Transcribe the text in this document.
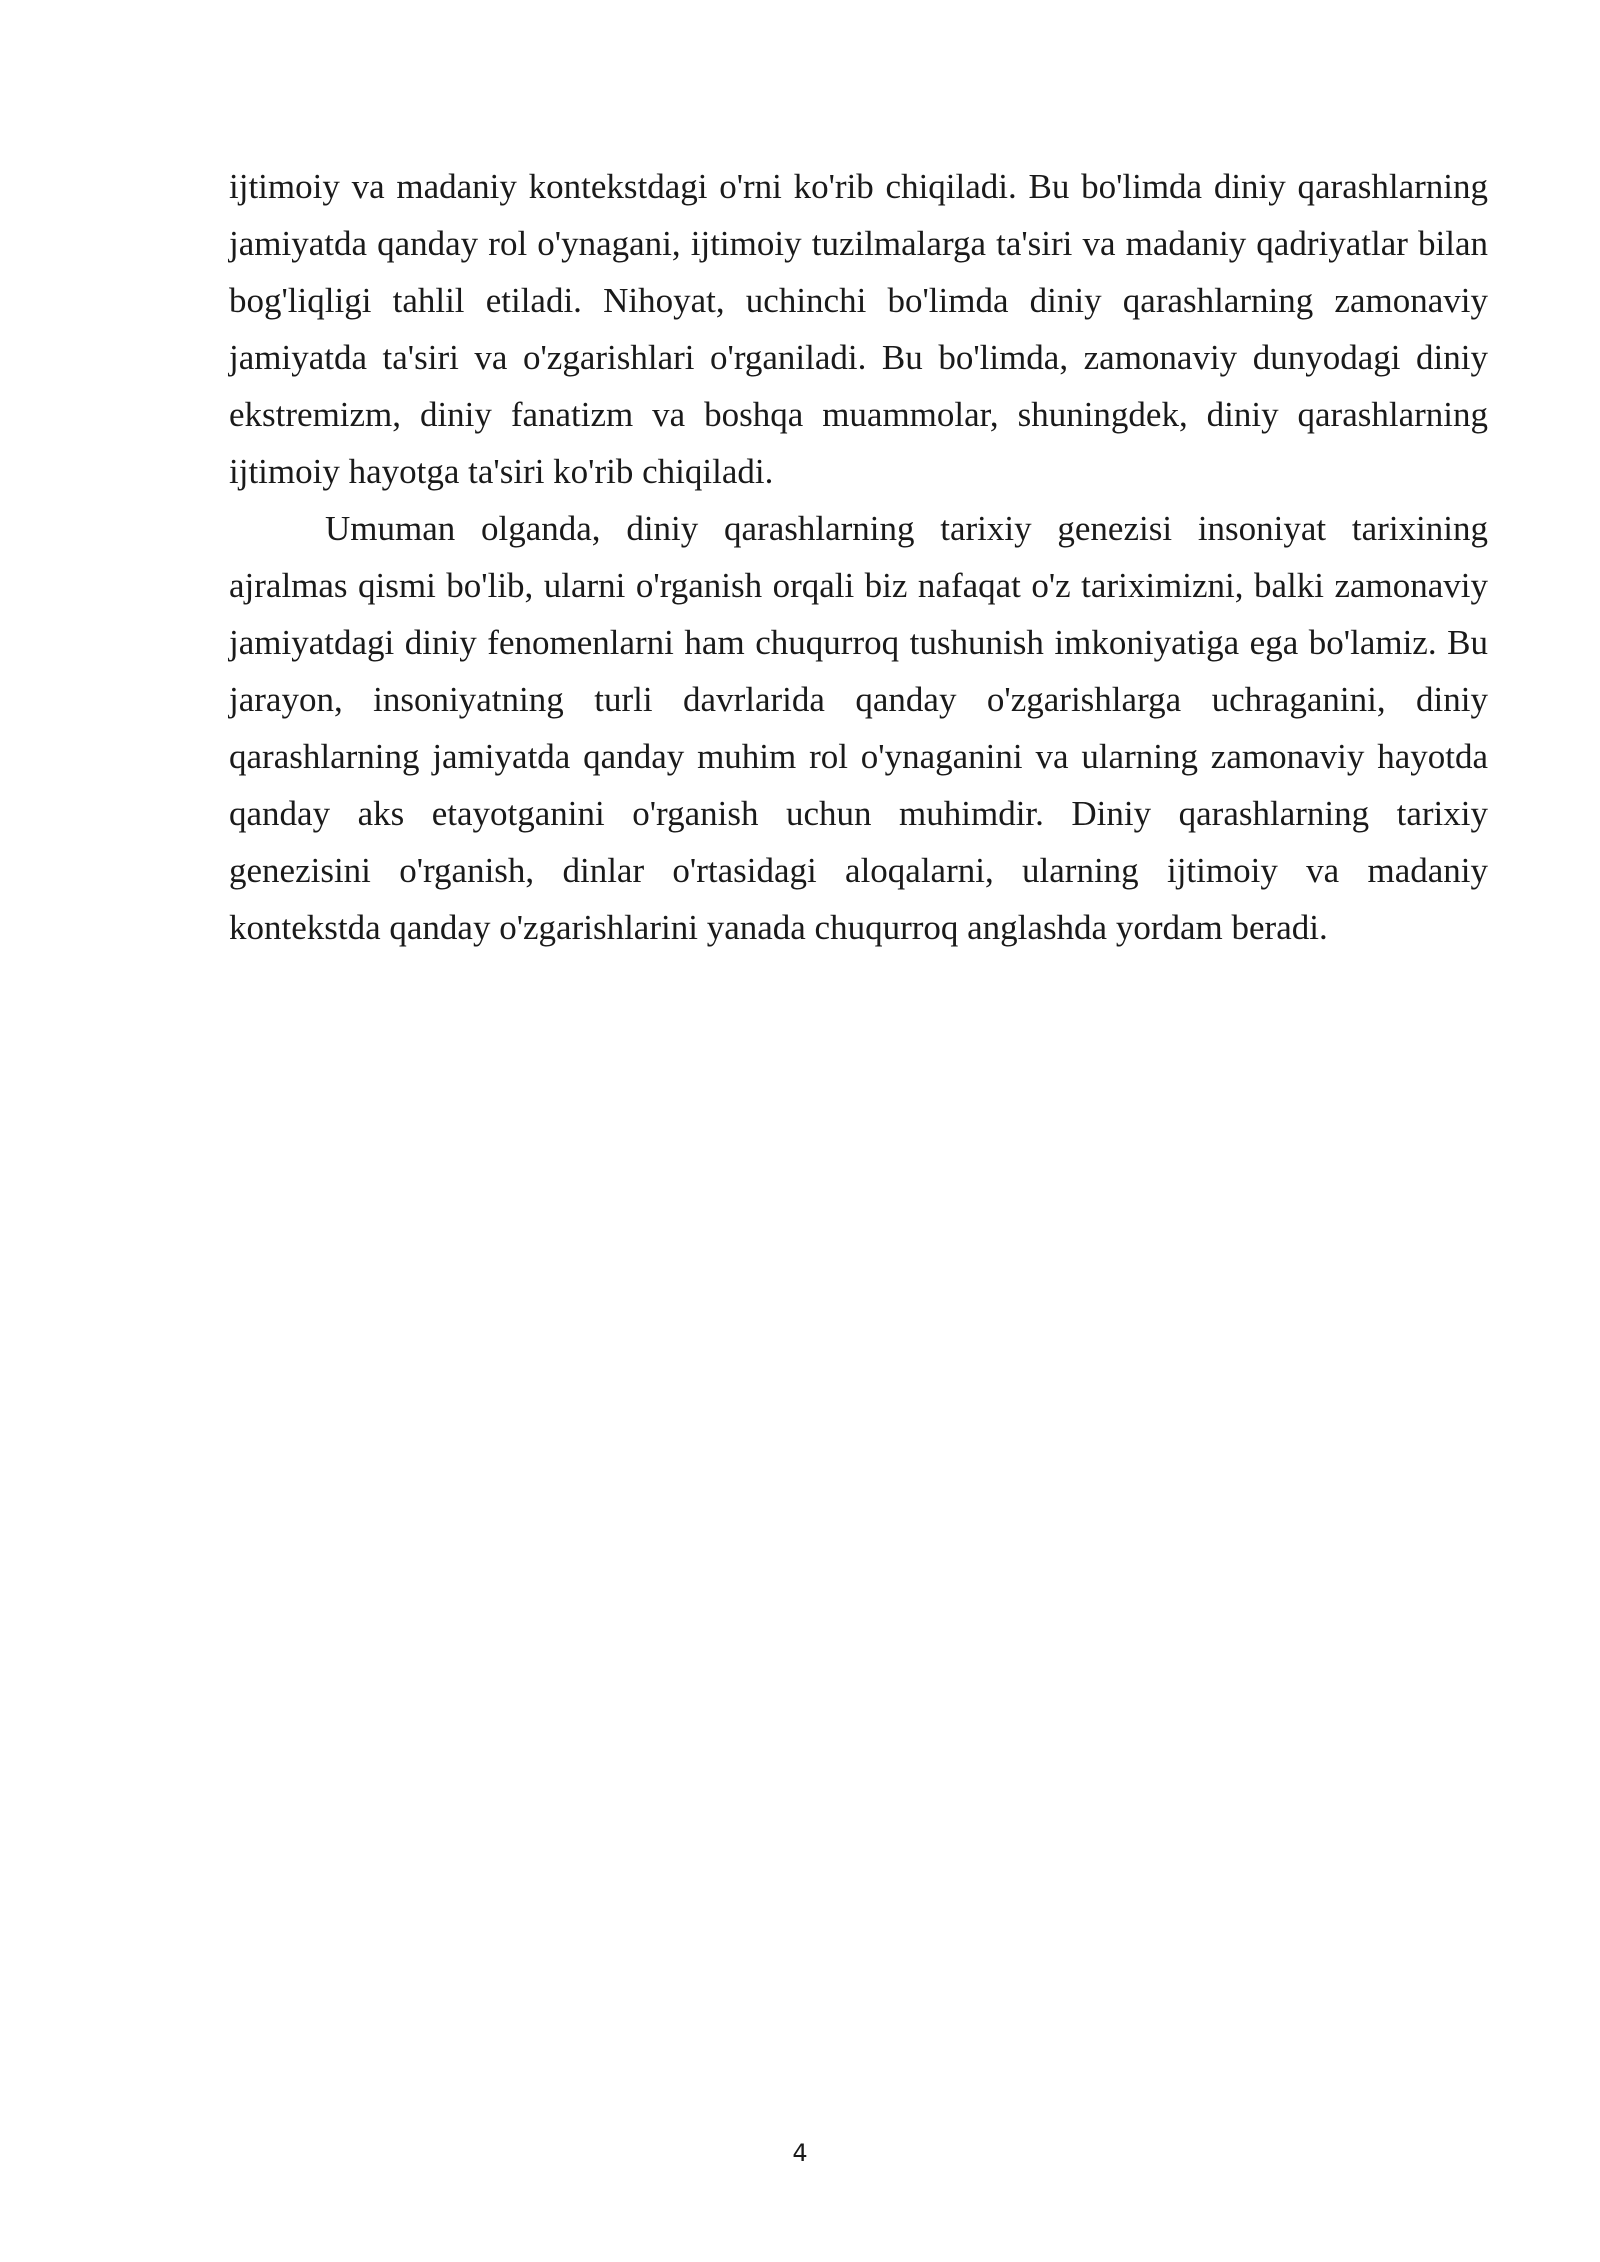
ijtimoiy va madaniy kontekstdagi o'rni ko'rib chiqiladi. Bu bo'limda diniy qarashlarning jamiyatda qanday rol o'ynagani, ijtimoiy tuzilmalarga ta'siri va madaniy qadriyatlar bilan bog'liqligi tahlil etiladi. Nihoyat, uchinchi bo'limda diniy qarashlarning zamonaviy jamiyatda ta'siri va o'zgarishlari o'rganiladi. Bu bo'limda, zamonaviy dunyodagi diniy ekstremizm, diniy fanatizm va boshqa muammolar, shuningdek, diniy qarashlarning ijtimoiy hayotga ta'siri ko'rib chiqiladi.

Umuman olganda, diniy qarashlarning tarixiy genezisi insoniyat tarixining ajralmas qismi bo'lib, ularni o'rganish orqali biz nafaqat o'z tariximizni, balki zamonaviy jamiyatdagi diniy fenomenlarni ham chuqurroq tushunish imkoniyatiga ega bo'lamiz. Bu jarayon, insoniyatning turli davrlarida qanday o'zgarishlarga uchraganini, diniy qarashlarning jamiyatda qanday muhim rol o'ynaganini va ularning zamonaviy hayotda qanday aks etayotganini o'rganish uchun muhimdir. Diniy qarashlarning tarixiy genezisini o'rganish, dinlar o'rtasidagi aloqalarni, ularning ijtimoiy va madaniy kontekstda qanday o'zgarishlarini yanada chuqurroq anglashda yordam beradi.

4
